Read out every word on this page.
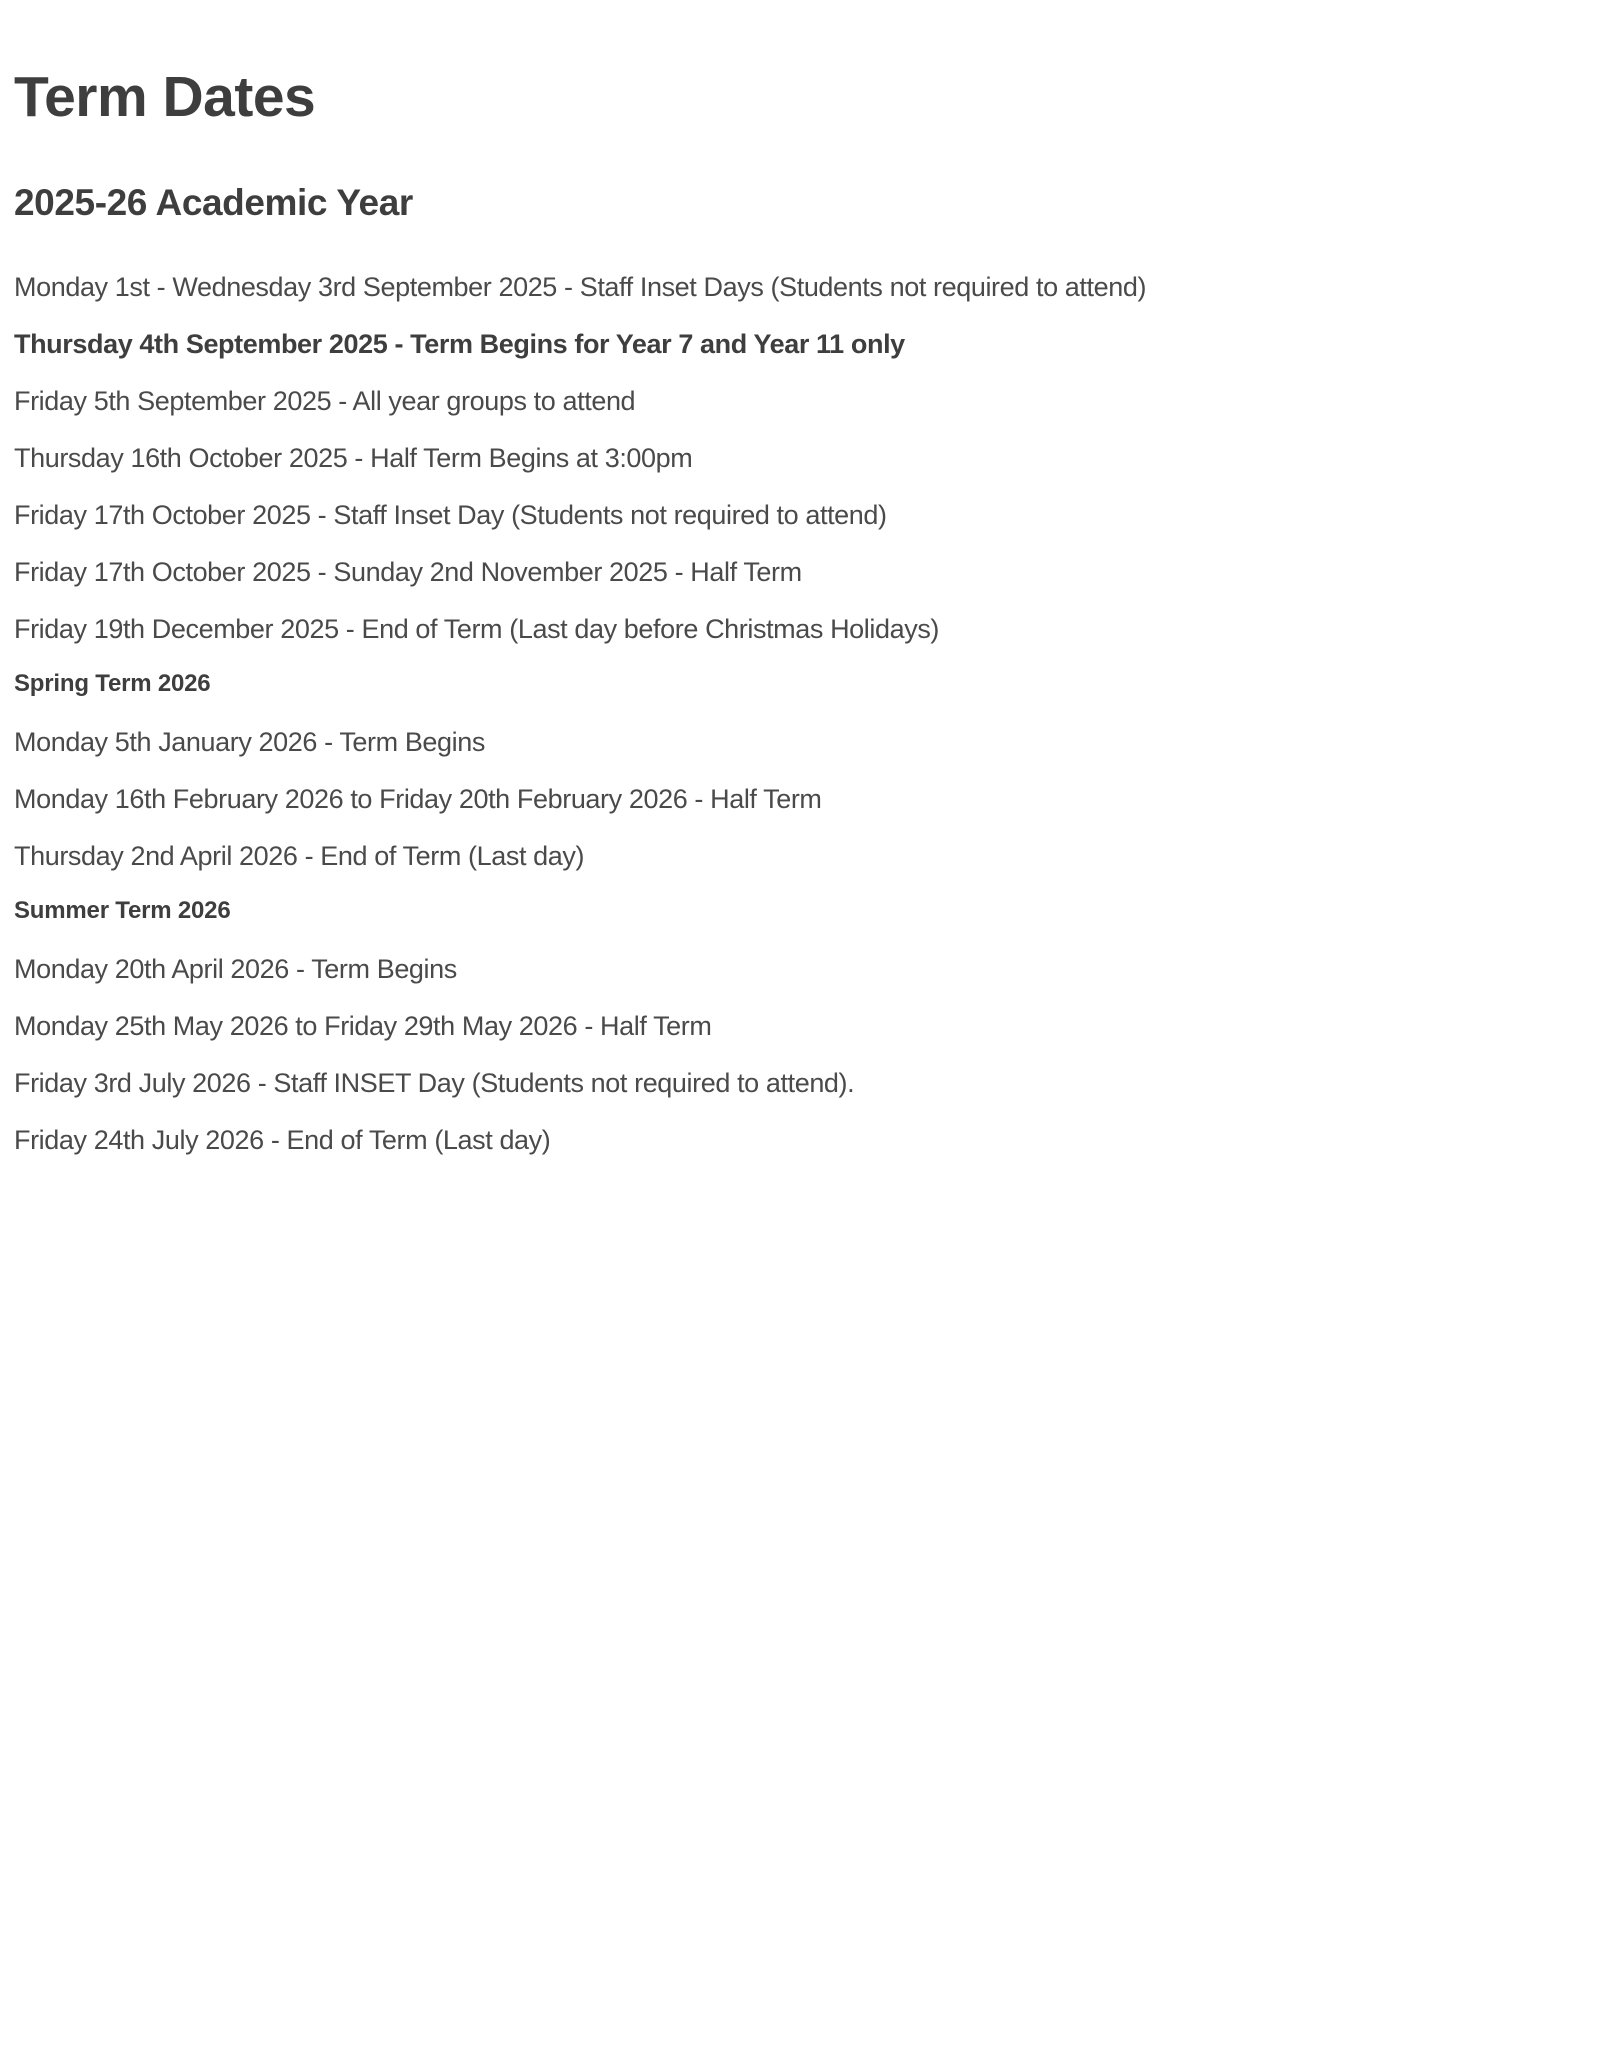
Term Dates
2025-26 Academic Year

Monday 1st - Wednesday 3rd September 2025 - Staff Inset Days (Students not required to attend)

Thursday 4th September 2025 - Term Begins for Year 7 and Year 11 only

Friday 5th September 2025 - All year groups to attend

Thursday 16th October 2025 - Half Term Begins at 3:00pm

Friday 17th October 2025 - Staff Inset Day (Students not required to attend)

Friday 17th October 2025 - Sunday 2nd November 2025 - Half Term

Friday 19th December 2025 - End of Term (Last day before Christmas Holidays)

Spring Term 2026

Monday 5th January 2026 - Term Begins

Monday 16th February 2026 to Friday 20th February 2026 - Half Term

Thursday 2nd April 2026 - End of Term (Last day)

Summer Term 2026

Monday 20th April 2026 - Term Begins

Monday 25th May 2026 to Friday 29th May 2026 - Half Term

Friday 3rd July 2026 - Staff INSET Day (Students not required to attend).

Friday 24th July 2026 - End of Term (Last day)
